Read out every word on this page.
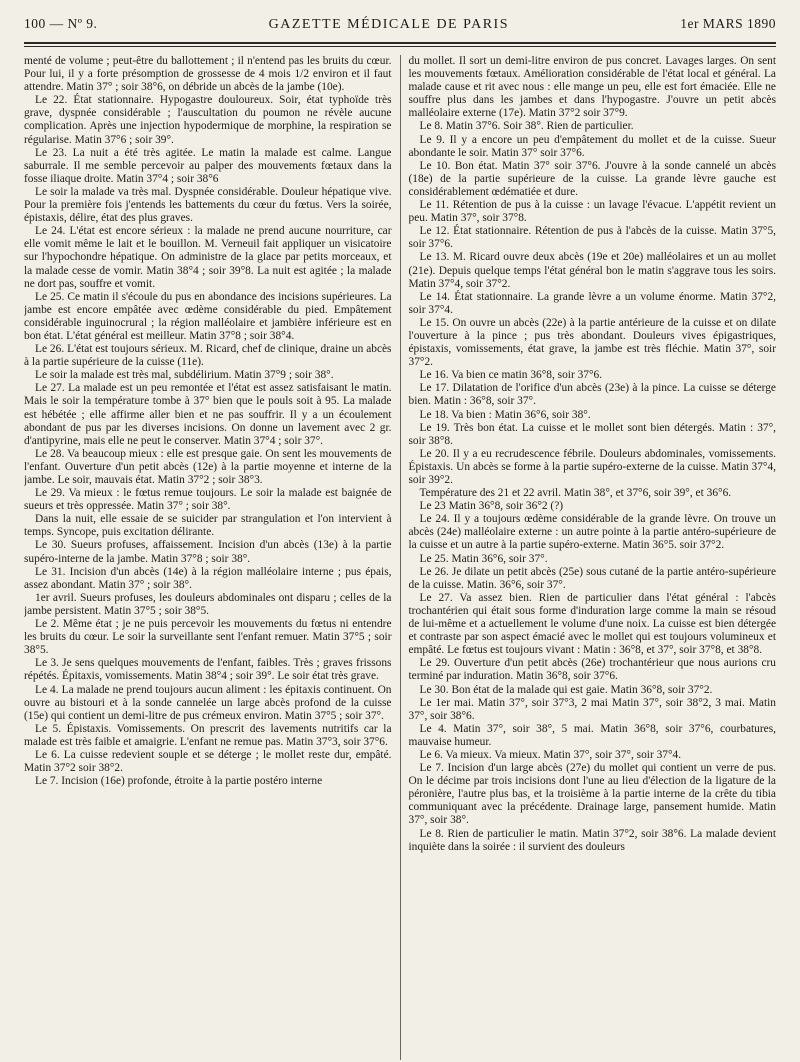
100 — Nº 9.	GAZETTE MÉDICALE DE PARIS	1er MARS 1890

menté de volume ; peut-être du ballottement ; il n'entend pas les bruits du cœur. Pour lui, il y a forte présomption de grossesse de 4 mois 1/2 environ et il faut attendre. Matin 37° ; soir 38°6, on débride un abcès de la jambe (10e).

Le 22. État stationnaire. Hypogastre douloureux. Soir, état typhoïde très grave, dyspnée considérable ; l'auscultation du poumon ne révèle aucune complication. Après une injection hypodermique de morphine, la respiration se régularise. Matin 37°6 ; soir 39°.

Le 23. La nuit a été très agitée. Le matin la malade est calme. Langue saburrale. Il me semble percevoir au palper des mouvements fœtaux dans la fosse iliaque droite. Matin 37°4 ; soir 38°6

Le soir la malade va très mal. Dyspnée considérable. Douleur hépatique vive. Pour la première fois j'entends les battements du cœur du fœtus. Vers la soirée, épistaxis, délire, état des plus graves.

Le 24. L'état est encore sérieux : la malade ne prend aucune nourriture, car elle vomit même le lait et le bouillon. M. Verneuil fait appliquer un visicatoire sur l'hypochondre hépatique. On administre de la glace par petits morceaux, et la malade cesse de vomir. Matin 38°4 ; soir 39°8. La nuit est agitée ; la malade ne dort pas, souffre et vomit.

Le 25. Ce matin il s'écoule du pus en abondance des incisions supérieures. La jambe est encore empâtée avec œdème considérable du pied. Empâtement considérable inguinocrural ; la région malléolaire et jambière inférieure est en bon état. L'état général est meilleur. Matin 37°8 ; soir 38°4.

Le 26. L'état est toujours sérieux. M. Ricard, chef de clinique, draine un abcès à la partie supérieure de la cuisse (11e).

Le soir la malade est très mal, subdélirium. Matin 37°9 ; soir 38°.

Le 27. La malade est un peu remontée et l'état est assez satisfaisant le matin. Mais le soir la température tombe à 37° bien que le pouls soit à 95. La malade est hébétée ; elle affirme aller bien et ne pas souffrir. Il y a un écoulement abondant de pus par les diverses incisions. On donne un lavement avec 2 gr. d'antipyrine, mais elle ne peut le conserver. Matin 37°4 ; soir 37°.

Le 28. Va beaucoup mieux : elle est presque gaie. On sent les mouvements de l'enfant. Ouverture d'un petit abcès (12e) à la partie moyenne et interne de la jambe. Le soir, mauvais état. Matin 37°2 ; soir 38°3.

Le 29. Va mieux : le fœtus remue toujours. Le soir la malade est baignée de sueurs et très oppressée. Matin 37° ; soir 38°.

Dans la nuit, elle essaie de se suicider par strangulation et l'on intervient à temps. Syncope, puis excitation délirante.

Le 30. Sueurs profuses, affaissement. Incision d'un abcès (13e) à la partie supéro-interne de la jambe. Matin 37°8 ; soir 38°.

Le 31. Incision d'un abcès (14e) à la région malléolaire interne ; pus épais, assez abondant. Matin 37° ; soir 38°.

1er avril. Sueurs profuses, les douleurs abdominales ont disparu ; celles de la jambe persistent. Matin 37°5 ; soir 38°5.

Le 2. Même état ; je ne puis percevoir les mouvements du fœtus ni entendre les bruits du cœur. Le soir la surveillante sent l'enfant remuer. Matin 37°5 ; soir 38°5.

Le 3. Je sens quelques mouvements de l'enfant, faibles. Très ; graves frissons répétés. Épitaxis, vomissements. Matin 38°4 ; soir 39°. Le soir état très grave.

Le 4. La malade ne prend toujours aucun aliment : les épitaxis continuent. On ouvre au bistouri et à la sonde cannelée un large abcès profond de la cuisse (15e) qui contient un demi-litre de pus crémeux environ. Matin 37°5 ; soir 37°.

Le 5. Épistaxis. Vomissements. On prescrit des lavements nutritifs car la malade est très faible et amaigrie. L'enfant ne remue pas. Matin 37°3, soir 37°6.

Le 6. La cuisse redevient souple et se déterge ; le mollet reste dur, empâté. Matin 37°2 soir 38°2.

Le 7. Incision (16e) profonde, étroite à la partie postéro interne

du mollet. Il sort un demi-litre environ de pus concret. Lavages larges. On sent les mouvements fœtaux. Amélioration considérable de l'état local et général. La malade cause et rit avec nous : elle mange un peu, elle est fort émaciée. Elle ne souffre plus dans les jambes et dans l'hypogastre. J'ouvre un petit abcès malléolaire externe (17e). Matin 37°2 soir 37°9.

Le 8. Matin 37°6. Soir 38°. Rien de particulier.

Le 9. Il y a encore un peu d'empâtement du mollet et de la cuisse. Sueur abondante le soir. Matin 37° soir 37°6.

Le 10. Bon état. Matin 37° soir 37°6. J'ouvre à la sonde cannelé un abcès (18e) de la partie supérieure de la cuisse. La grande lèvre gauche est considérablement œdématiée et dure.

Le 11. Rétention de pus à la cuisse : un lavage l'évacue. L'appétit revient un peu. Matin 37°, soir 37°8.

Le 12. État stationnaire. Rétention de pus à l'abcès de la cuisse. Matin 37°5, soir 37°6.

Le 13. M. Ricard ouvre deux abcès (19e et 20e) malléolaires et un au mollet (21e). Depuis quelque temps l'état général bon le matin s'aggrave tous les soirs. Matin 37°4, soir 37°2.

Le 14. État stationnaire. La grande lèvre a un volume énorme. Matin 37°2, soir 37°4.

Le 15. On ouvre un abcès (22e) à la partie antérieure de la cuisse et on dilate l'ouverture à la pince ; pus très abondant. Douleurs vives épigastriques, épistaxis, vomissements, état grave, la jambe est très fléchie. Matin 37°, soir 37°2.

Le 16. Va bien ce matin 36°8, soir 37°6.

Le 17. Dilatation de l'orifice d'un abcès (23e) à la pince. La cuisse se déterge bien. Matin : 36°8, soir 37°.

Le 18. Va bien : Matin 36°6, soir 38°.

Le 19. Très bon état. La cuisse et le mollet sont bien détergés. Matin : 37°, soir 38°8.

Le 20. Il y a eu recrudescence fébrile. Douleurs abdominales, vomissements. Épistaxis. Un abcès se forme à la partie supéro-externe de la cuisse. Matin 37°4, soir 39°2.

Température des 21 et 22 avril. Matin 38°, et 37°6, soir 39°, et 36°6.

Le 23 Matin 36°8, soir 36°2 (?)

Le 24. Il y a toujours œdème considérable de la grande lèvre. On trouve un abcès (24e) malléolaire externe : un autre pointe à la partie antéro-supérieure de la cuisse et un autre à la partie supéro-externe. Matin 36°5. soir 37°2.

Le 25. Matin 36°6, soir 37°.

Le 26. Je dilate un petit abcès (25e) sous cutané de la partie antéro-supérieure de la cuisse. Matin. 36°6, soir 37°.

Le 27. Va assez bien. Rien de particulier dans l'état général : l'abcès trochantérien qui était sous forme d'induration large comme la main se résoud de lui-même et a actuellement le volume d'une noix. La cuisse est bien détergée et contraste par son aspect émacié avec le mollet qui est toujours volumineux et empâté. Le fœtus est toujours vivant : Matin : 36°8, et 37°, soir 37°8, et 38°8.

Le 29. Ouverture d'un petit abcès (26e) trochantérieur que nous aurions cru terminé par induration. Matin 36°8, soir 37°6.

Le 30. Bon état de la malade qui est gaie. Matin 36°8, soir 37°2.

Le 1er mai. Matin 37°, soir 37°3, 2 mai Matin 37°, soir 38°2, 3 mai. Matin 37°, soir 38°6.

Le 4. Matin 37°, soir 38°, 5 mai. Matin 36°8, soir 37°6, courbatures, mauvaise humeur.

Le 6. Va mieux. Va mieux. Matin 37°, soir 37°, soir 37°4.

Le 7. Incision d'un large abcès (27e) du mollet qui contient un verre de pus. On le décime par trois incisions dont l'une au lieu d'élection de la ligature de la péronière, l'autre plus bas, et la troisième à la partie interne de la crête du tibia communiquant avec la précédente. Drainage large, pansement humide. Matin 37°, soir 38°.

Le 8. Rien de particulier le matin. Matin 37°2, soir 38°6. La malade devient inquiète dans la soirée : il survient des douleurs
